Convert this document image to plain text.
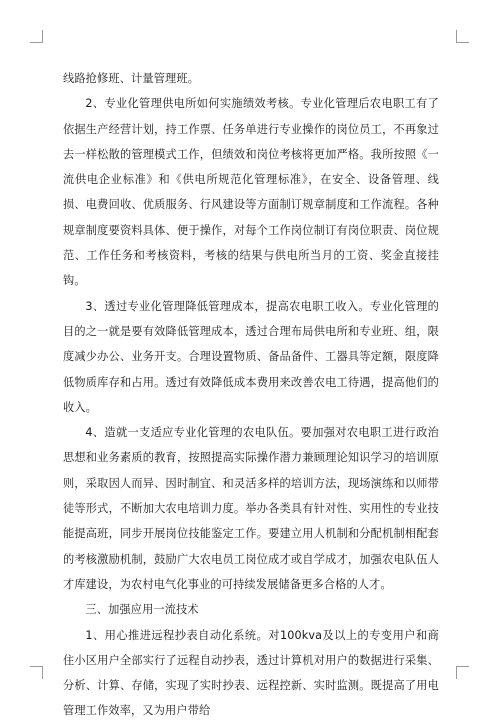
线路抢修班、计量管理班。

2、专业化管理供电所如何实施绩效考核。专业化管理后农电职工有了依据生产经营计划，持工作票、任务单进行专业操作的岗位员工，不再象过去一样松散的管理模式工作，但绩效和岗位考核将更加严格。我所按照《一流供电企业标准》和《供电所规范化管理标准》，在安全、设备管理、线损、电费回收、优质服务、行风建设等方面制订规章制度和工作流程。各种规章制度要资料具体、便于操作，对每个工作岗位制订有岗位职责、岗位规范、工作任务和考核资料，考核的结果与供电所当月的工资、奖金直接挂钩。

3、透过专业化管理降低管理成本，提高农电职工收入。专业化管理的目的之一就是要有效降低管理成本，透过合理布局供电所和专业班、组，限度减少办公、业务开支。合理设置物质、备品备件、工器具等定额，限度降低物质库存和占用。透过有效降低成本费用来改善农电工待遇，提高他们的收入。

4、造就一支适应专业化管理的农电队伍。要加强对农电职工进行政治思想和业务素质的教育，按照提高实际操作潜力兼顾理论知识学习的培训原则，采取因人而异、因时制宜、和灵活多样的培训方法，现场演练和以师带徒等形式，不断加大农电培训力度。举办各类具有针对性、实用性的专业技能提高班，同步开展岗位技能鉴定工作。要建立用人机制和分配机制相配套的考核激励机制，鼓励广大农电员工岗位成才或自学成才，加强农电队伍人才库建设，为农村电气化事业的可持续发展储备更多合格的人才。

三、加强应用一流技术

1、用心推进远程抄表自动化系统。对100kva及以上的专变用户和商住小区用户全部实行了远程自动抄表，透过计算机对用户的数据进行采集、分析、计算、存储，实现了实时抄表、远程控新、实时监测。既提高了用电管理工作效率，又为用户带给
